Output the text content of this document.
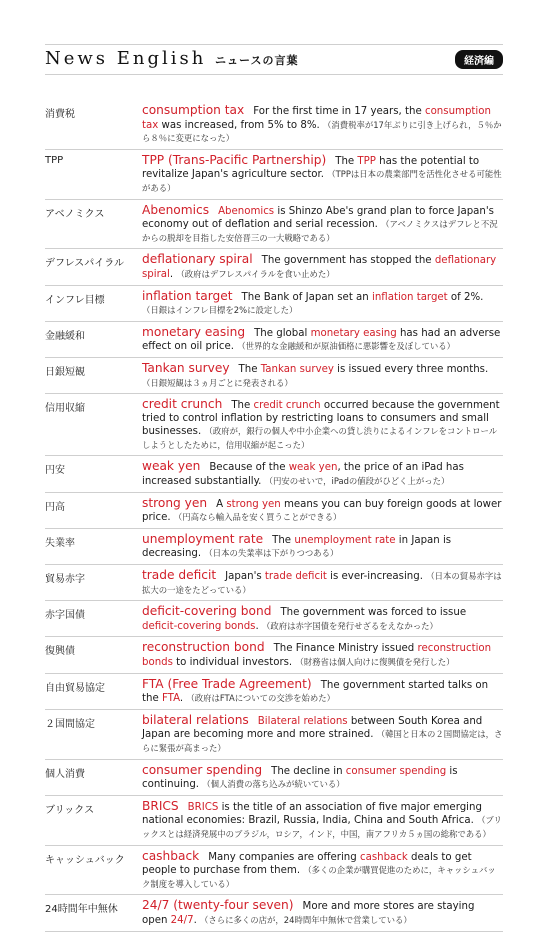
News English ニュースの言葉	経済編
消費税	consumption tax For the first time in 17 years, the consumption tax was increased, from 5% to 8%. （消費税率が17年ぶりに引き上げられ，５％から８％に変更になった）
TPP	TPP (Trans-Pacific Partnership) The TPP has the potential to revitalize Japan's agriculture sector. （TPPは日本の農業部門を活性化させる可能性がある）
アベノミクス	Abenomics Abenomics is Shinzo Abe's grand plan to force Japan's economy out of deflation and serial recession. （アベノミクスはデフレと不況からの脱却を目指した安倍晋三の一大戦略である）
デフレスパイラル	deflationary spiral The government has stopped the deflationary spiral. （政府はデフレスパイラルを食い止めた）
インフレ目標	inflation target The Bank of Japan set an inflation target of 2%. （日銀はインフレ目標を2%に設定した）
金融緩和	monetary easing The global monetary easing has had an adverse effect on oil price. （世界的な金融緩和が原油価格に悪影響を及ぼしている）
日銀短観	Tankan survey The Tankan survey is issued every three months. （日銀短観は３ヵ月ごとに発表される）
信用収縮	credit crunch The credit crunch occurred because the government tried to control inflation by restricting loans to consumers and small businesses. （政府が，銀行の個人や中小企業への貸し渋りによるインフレをコントロールしようとしたために，信用収縮が起こった）
円安	weak yen Because of the weak yen, the price of an iPad has increased substantially. （円安のせいで，iPadの値段がひどく上がった）
円高	strong yen A strong yen means you can buy foreign goods at lower price. （円高なら輸入品を安く買うことができる）
失業率	unemployment rate The unemployment rate in Japan is decreasing. （日本の失業率は下がりつつある）
貿易赤字	trade deficit Japan's trade deficit is ever-increasing. （日本の貿易赤字は拡大の一途をたどっている）
赤字国債	deficit-covering bond The government was forced to issue deficit-covering bonds. （政府は赤字国債を発行せざるをえなかった）
復興債	reconstruction bond The Finance Ministry issued reconstruction bonds to individual investors. （財務省は個人向けに復興債を発行した）
自由貿易協定	FTA (Free Trade Agreement) The government started talks on the FTA. （政府はFTAについての交渉を始めた）
２国間協定	bilateral relations Bilateral relations between South Korea and Japan are becoming more and more strained. （韓国と日本の２国間協定は，さらに緊張が高まった）
個人消費	consumer spending The decline in consumer spending is continuing. （個人消費の落ち込みが続いている）
ブリックス	BRICS BRICS is the title of an association of five major emerging national economies: Brazil, Russia, India, China and South Africa. （ブリックスとは経済発展中のブラジル，ロシア，インド，中国，南アフリカ５ヵ国の総称である）
キャッシュバック	cashback Many companies are offering cashback deals to get people to purchase from them. （多くの企業が購買促進のために，キャッシュバック制度を導入している）
24時間年中無休	24/7 (twenty-four seven) More and more stores are staying open 24/7. （さらに多くの店が，24時間年中無休で営業している）
